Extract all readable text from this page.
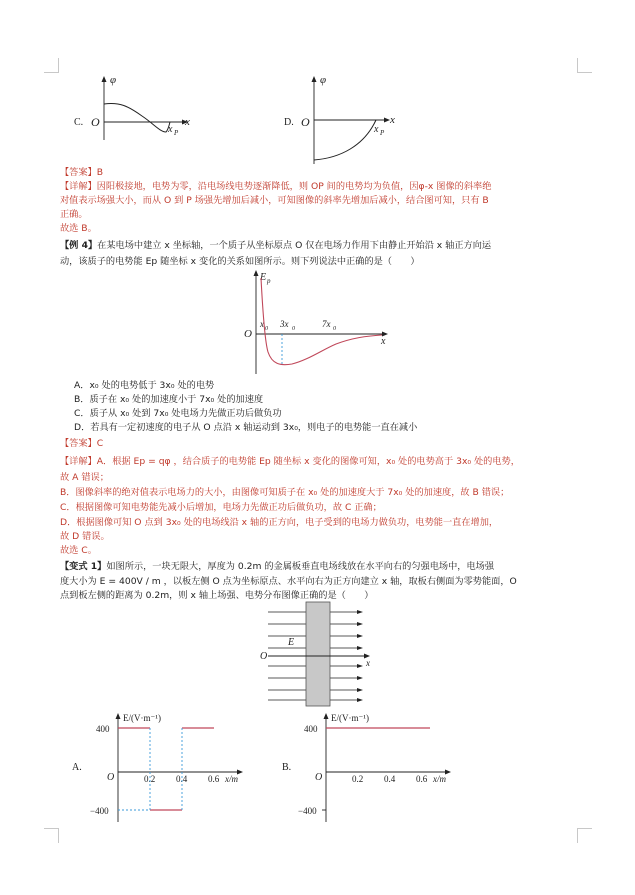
C. O
φ
x
x P
D. O
φ
x
x P
【答案】B
【详解】因阳极接地，电势为零，沿电场线电势逐渐降低，则 OP 间的电势均为负值，因φ-x 图像的斜率绝
对值表示场强大小，而从 O 到 P 场强先增加后减小，可知图像的斜率先增加后减小，结合图可知，只有 B
正确。
故选 B。
【例 4】在某电场中建立 x 坐标轴，一个质子从坐标原点 O 仅在电场力作用下由静止开始沿 x 轴正方向运
动，该质子的电势能 Ep 随坐标 x 变化的关系如图所示。则下列说法中正确的是（　　）
E p
x
O
x 0 3x 0	7x 0
A．x₀ 处的电势低于 3x₀ 处的电势
B．质子在 x₀ 处的加速度小于 7x₀ 处的加速度
C．质子从 x₀ 处到 7x₀ 处电场力先做正功后做负功
D．若具有一定初速度的电子从 O 点沿 x 轴运动到 3x₀，则电子的电势能一直在减小
【答案】C
【详解】A．根据 Ep = qφ ，结合质子的电势能 Ep 随坐标 x 变化的图像可知，x₀ 处的电势高于 3x₀ 处的电势，
故 A 错误；
B．图像斜率的绝对值表示电场力的大小，由图像可知质子在 x₀ 处的加速度大于 7x₀ 处的加速度，故 B 错误；
C．根据图像可知电势能先减小后增加，电场力先做正功后做负功，故 C 正确；
D．根据图像可知 O 点到 3x₀ 处的电场线沿 x 轴的正方向，电子受到的电场力做负功，电势能一直在增加，
故 D 错误。
故选 C。
【变式 1】如图所示，一块无限大，厚度为 0.2m 的金属板垂直电场线放在水平向右的匀强电场中，电场强
度大小为 E = 400V / m ，以板左侧 O 点为坐标原点、水平向右为正方向建立 x 轴，取板右侧面为零势能面，O
点到板左侧的距离为 0.2m，则 x 轴上场强、电势分布图像正确的是（　　）
O
E
x
A.
E/(V·m⁻¹)
400
−400
O	0.2 0.4 0.6 x/m
B.
E/(V·m⁻¹)
400
−400
O	0.2 0.4 0.6 x/m
